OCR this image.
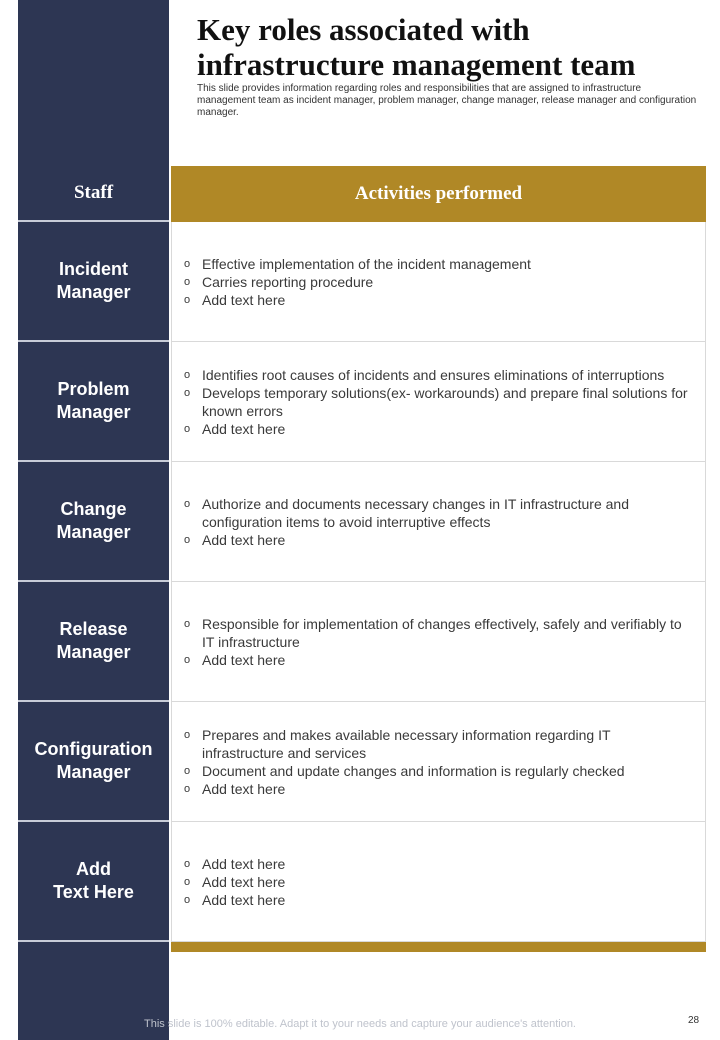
Key roles associated with infrastructure management team
This slide provides information regarding roles and responsibilities that are assigned to infrastructure management team as incident manager, problem manager, change manager, release manager and configuration manager.
Staff	Activities performed
Incident
Manager
o Effective implementation of the incident management
o Carries reporting procedure
o Add text here
Problem
Manager
o Identifies root causes of incidents and ensures eliminations of interruptions
o Develops temporary solutions(ex- workarounds) and prepare final solutions for known errors
o Add text here
Change
Manager
o Authorize and documents necessary changes in IT infrastructure and configuration items to avoid interruptive effects
o Add text here
Release
Manager
o Responsible for implementation of changes effectively, safely and verifiably to IT infrastructure
o Add text here
Configuration
Manager
o Prepares and makes available necessary information regarding IT infrastructure and services
o Document and update changes and information is regularly checked
o Add text here
Add
Text Here
o Add text here
o Add text here
o Add text here
This slide is 100% editable. Adapt it to your needs and capture your audience's attention.	28
